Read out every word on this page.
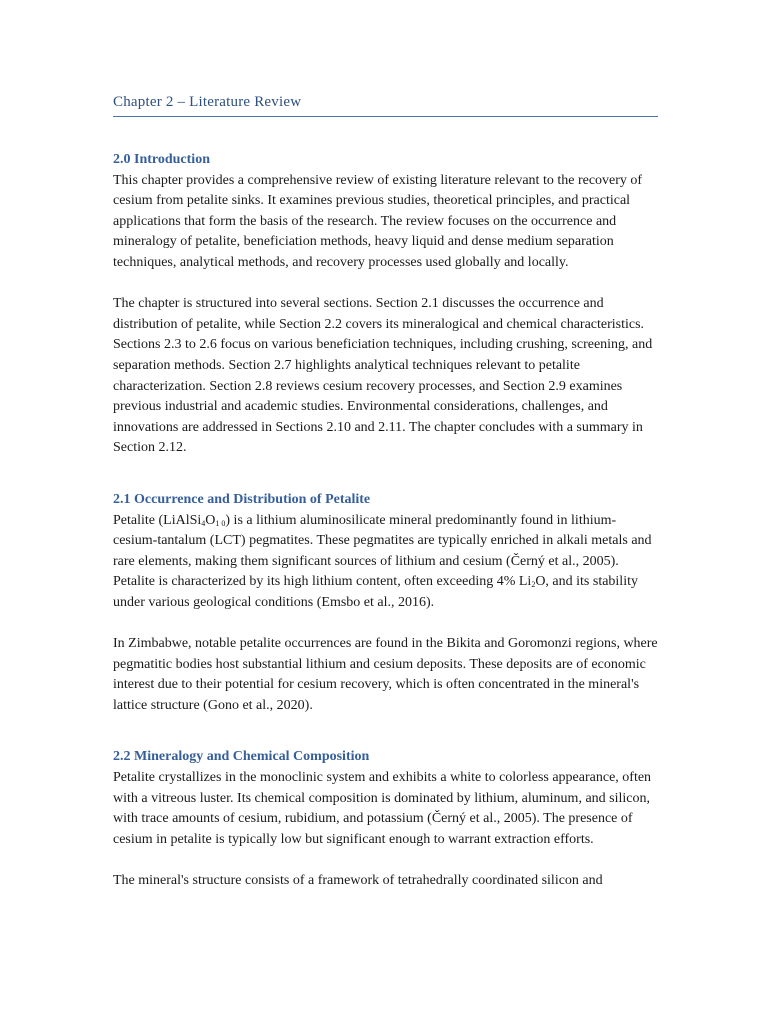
Chapter 2 – Literature Review
2.0 Introduction

This chapter provides a comprehensive review of existing literature relevant to the recovery of cesium from petalite sinks. It examines previous studies, theoretical principles, and practical applications that form the basis of the research. The review focuses on the occurrence and mineralogy of petalite, beneficiation methods, heavy liquid and dense medium separation techniques, analytical methods, and recovery processes used globally and locally.

The chapter is structured into several sections. Section 2.1 discusses the occurrence and distribution of petalite, while Section 2.2 covers its mineralogical and chemical characteristics. Sections 2.3 to 2.6 focus on various beneficiation techniques, including crushing, screening, and separation methods. Section 2.7 highlights analytical techniques relevant to petalite characterization. Section 2.8 reviews cesium recovery processes, and Section 2.9 examines previous industrial and academic studies. Environmental considerations, challenges, and innovations are addressed in Sections 2.10 and 2.11. The chapter concludes with a summary in Section 2.12.

2.1 Occurrence and Distribution of Petalite

Petalite $(LiAlSi_4O_{1 0})$ is a lithium aluminosilicate mineral predominantly found in lithium-cesium-tantalum (LCT) pegmatites. These pegmatites are typically enriched in alkali metals and rare elements, making them significant sources of lithium and cesium (Černý et al., 2005). Petalite is characterized by its high lithium content, often exceeding 4% $Li_2O$, and its stability under various geological conditions (Emsbo et al., 2016).

In Zimbabwe, notable petalite occurrences are found in the Bikita and Goromonzi regions, where pegmatitic bodies host substantial lithium and cesium deposits. These deposits are of economic interest due to their potential for cesium recovery, which is often concentrated in the mineral's lattice structure (Gono et al., 2020).

2.2 Mineralogy and Chemical Composition

Petalite crystallizes in the monoclinic system and exhibits a white to colorless appearance, often with a vitreous luster. Its chemical composition is dominated by lithium, aluminum, and silicon, with trace amounts of cesium, rubidium, and potassium (Černý et al., 2005). The presence of cesium in petalite is typically low but significant enough to warrant extraction efforts.

The mineral's structure consists of a framework of tetrahedrally coordinated silicon and
